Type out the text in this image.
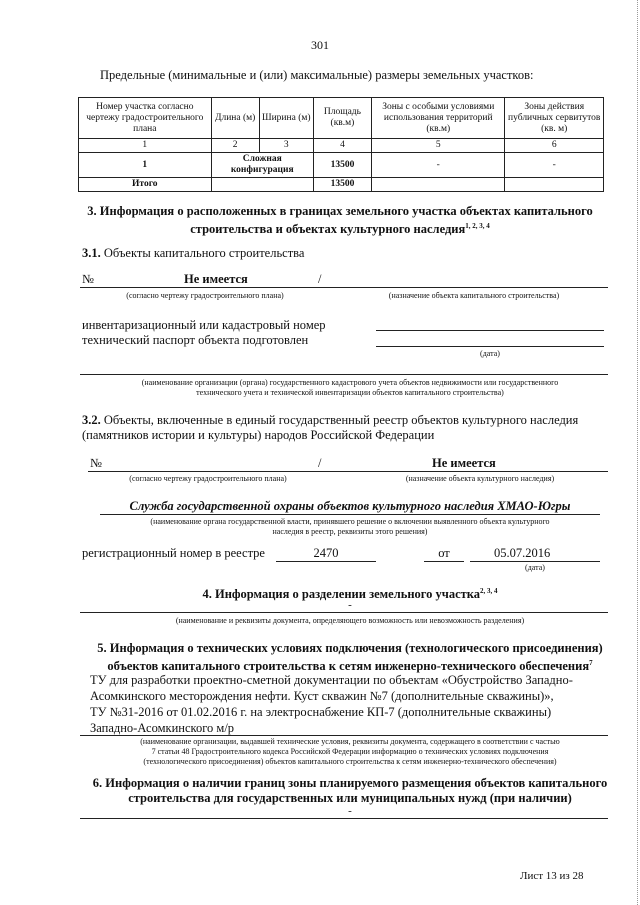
301
Предельные (минимальные и (или) максимальные) размеры земельных участков:
Номер участка согласно чертежу градостроительного плана	Длина (м)	Ширина (м)	Площадь (кв.м)	Зоны с особыми условиями использования территорий (кв.м)	Зоны действия публичных сервитутов (кв. м)
1	2	3	4	5	6
1	Сложная конфигурация		13500	-	-
Итого			13500		
3. Информация о расположенных в границах земельного участка объектах капитального
строительства и объектах культурного наследия$^{1, 2, 3, 4}$
3.1. Объекты капитального строительства
№	Не имеется	/
(согласно чертежу градостроительного плана)	(назначение объекта капитального строительства)
инвентаризационный или кадастровый номер
технический паспорт объекта подготовлен
(дата)
(наименование организации (органа) государственного кадастрового учета объектов недвижимости или государственного
технического учета и технической инвентаризации объектов капитального строительства)
3.2. Объекты, включенные в единый государственный реестр объектов культурного наследия
(памятников истории и культуры) народов Российской Федерации
№	/	Не имеется
(согласно чертежу градостроительного плана)	(назначение объекта культурного наследия)
Служба государственной охраны объектов культурного наследия ХМАО-Югры
(наименование органа государственной власти, принявшего решение о включении выявленного объекта культурного
наследия в реестр, реквизиты этого решения)
регистрационный номер в реестре	2470	от	05.07.2016
(дата)
4. Информация о разделении земельного участка$^{2, 3, 4}$
-
(наименование и реквизиты документа, определяющего возможность или невозможность разделения)
5. Информация о технических условиях подключения (технологического присоединения)
объектов капитального строительства к сетям инженерно-технического обеспечения$^7$
ТУ для разработки проектно-сметной документации по объектам «Обустройство Западно-
Асомкинского месторождения нефти. Куст скважин №7 (дополнительные скважины)»,
ТУ №31-2016 от 01.02.2016 г. на электроснабжение КП-7 (дополнительные скважины)
Западно-Асомкинского м/р
(наименование организации, выдавшей технические условия, реквизиты документа, содержащего в соответствии с частью
7 статьи 48 Градостроительного кодекса Российской Федерации информацию о технических условиях подключения
(технологического присоединения) объектов капитального строительства к сетям инженерно-технического обеспечения)
6. Информация о наличии границ зоны планируемого размещения объектов капитального
строительства для государственных или муниципальных нужд (при наличии)
-
Лист 13 из 28
